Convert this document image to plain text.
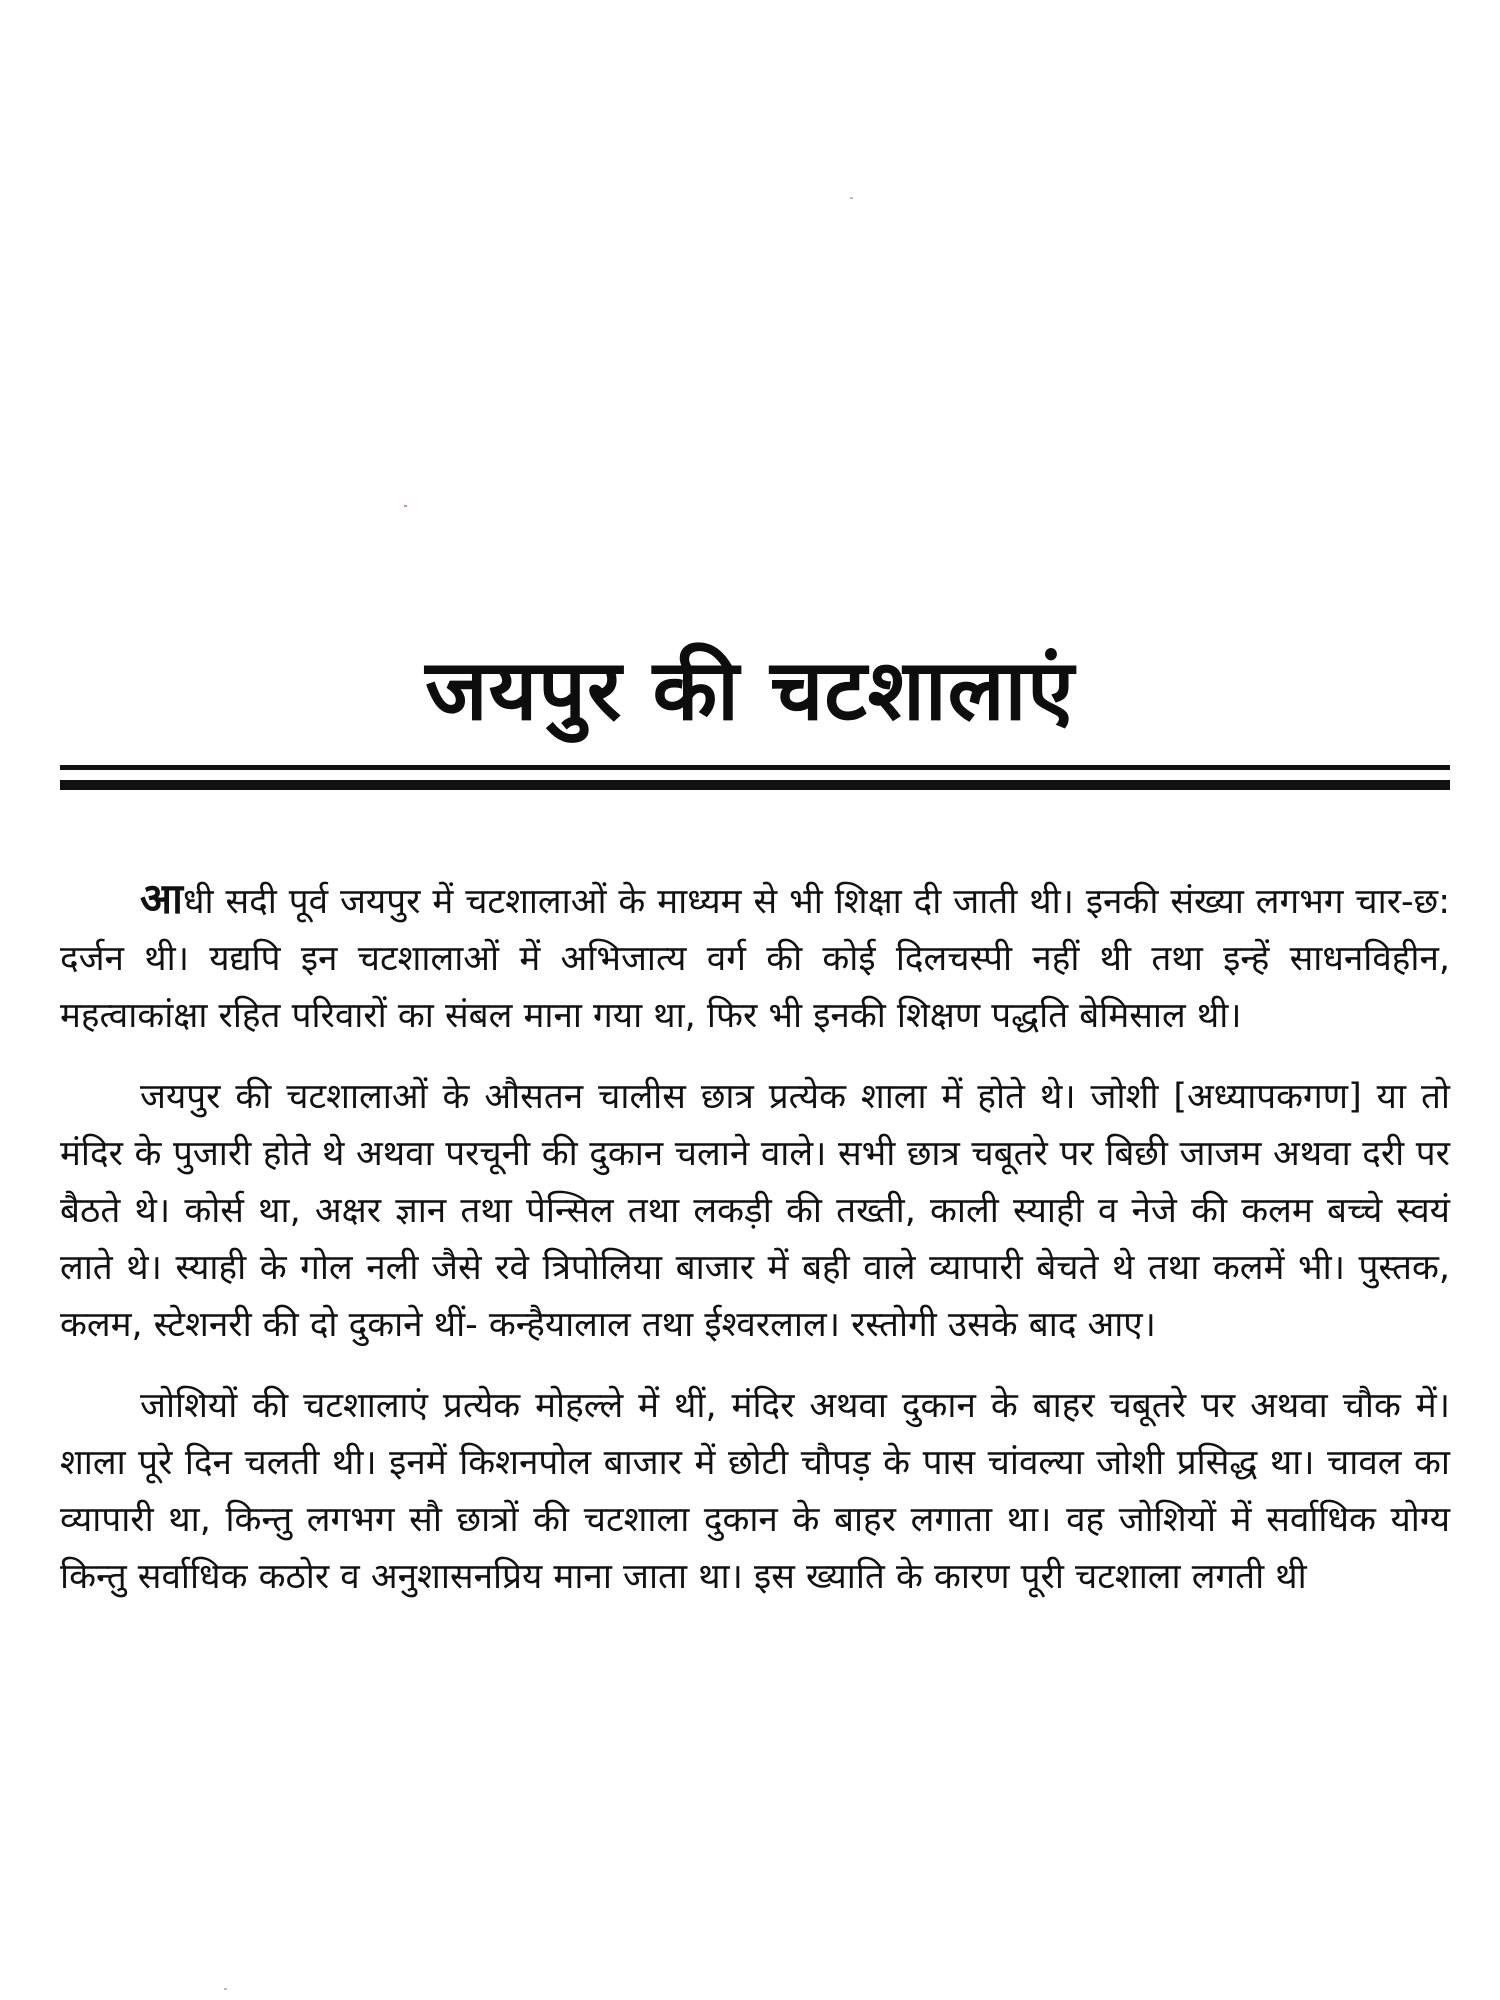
जयपुर की चटशालाएं

आधी सदी पूर्व जयपुर में चटशालाओं के माध्यम से भी शिक्षा दी जाती थी। इनकी संख्या लगभग चार-छ: दर्जन थी। यद्यपि इन चटशालाओं में अभिजात्य वर्ग की कोई दिलचस्पी नहीं थी तथा इन्हें साधनविहीन, महत्वाकांक्षा रहित परिवारों का संबल माना गया था, फिर भी इनकी शिक्षण पद्धति बेमिसाल थी।

जयपुर की चटशालाओं के औसतन चालीस छात्र प्रत्येक शाला में होते थे। जोशी [अध्यापकगण] या तो मंदिर के पुजारी होते थे अथवा परचूनी की दुकान चलाने वाले। सभी छात्र चबूतरे पर बिछी जाजम अथवा दरी पर बैठते थे। कोर्स था, अक्षर ज्ञान तथा पेन्सिल तथा लकड़ी की तख्ती, काली स्याही व नेजे की कलम बच्चे स्वयं लाते थे। स्याही के गोल नली जैसे रवे त्रिपोलिया बाजार में बही वाले व्यापारी बेचते थे तथा कलमें भी। पुस्तक, कलम, स्टेशनरी की दो दुकाने थीं- कन्हैयालाल तथा ईश्वरलाल। रस्तोगी उसके बाद आए।

जोशियों की चटशालाएं प्रत्येक मोहल्ले में थीं, मंदिर अथवा दुकान के बाहर चबूतरे पर अथवा चौक में। शाला पूरे दिन चलती थी। इनमें किशनपोल बाजार में छोटी चौपड़ के पास चांवल्या जोशी प्रसिद्ध था। चावल का व्यापारी था, किन्तु लगभग सौ छात्रों की चटशाला दुकान के बाहर लगाता था। वह जोशियों में सर्वाधिक योग्य किन्तु सर्वाधिक कठोर व अनुशासनप्रिय माना जाता था। इस ख्याति के कारण पूरी चटशाला लगती थी
